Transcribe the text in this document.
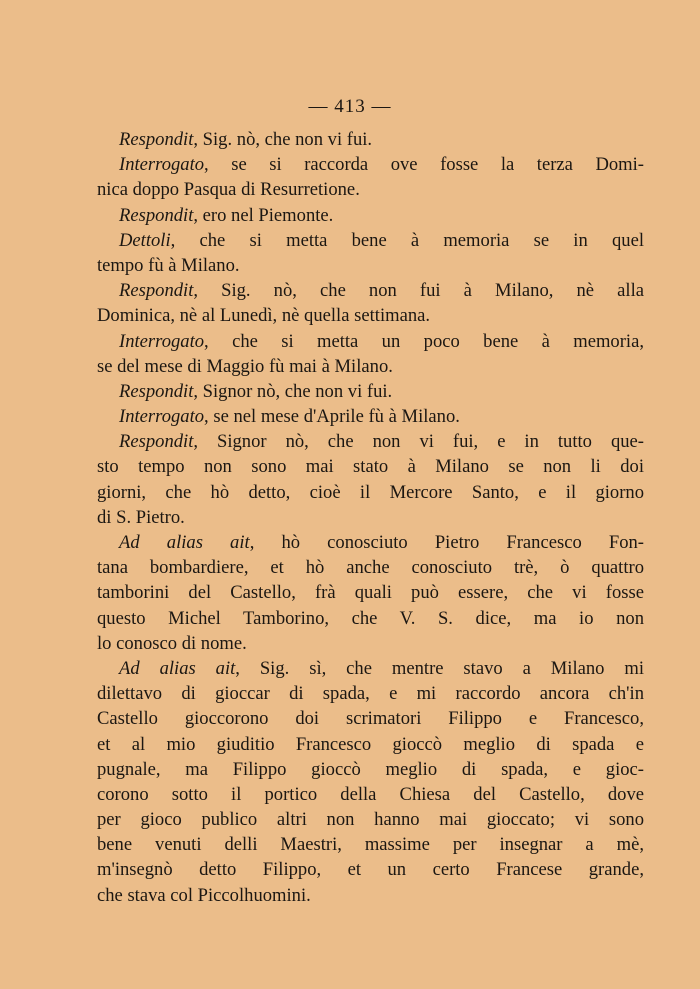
— 413 —
Respondit, Sig. nò, che non vi fui.
Interrogato, se si raccorda ove fosse la terza Domi-
nica doppo Pasqua di Resurretione.
Respondit, ero nel Piemonte.
Dettoli, che si metta bene à memoria se in quel
tempo fù à Milano.
Respondit, Sig. nò, che non fui à Milano, nè alla
Dominica, nè al Lunedì, nè quella settimana.
Interrogato, che si metta un poco bene à memoria,
se del mese di Maggio fù mai à Milano.
Respondit, Signor nò, che non vi fui.
Interrogato, se nel mese d'Aprile fù à Milano.
Respondit, Signor nò, che non vi fui, e in tutto que-
sto tempo non sono mai stato à Milano se non li doi
giorni, che hò detto, cioè il Mercore Santo, e il giorno
di S. Pietro.
Ad alias ait, hò conosciuto Pietro Francesco Fon-
tana bombardiere, et hò anche conosciuto trè, ò quattro
tamborini del Castello, frà quali può essere, che vi fosse
questo Michel Tamborino, che V. S. dice, ma io non
lo conosco di nome.
Ad alias ait, Sig. sì, che mentre stavo a Milano mi
dilettavo di gioccar di spada, e mi raccordo ancora ch'in
Castello gioccorono doi scrimatori Filippo e Francesco,
et al mio giuditio Francesco gioccò meglio di spada e
pugnale, ma Filippo gioccò meglio di spada, e gioc-
corono sotto il portico della Chiesa del Castello, dove
per gioco publico altri non hanno mai gioccato; vi sono
bene venuti delli Maestri, massime per insegnar a mè,
m'insegnò detto Filippo, et un certo Francese grande,
che stava col Piccolhuomini.
